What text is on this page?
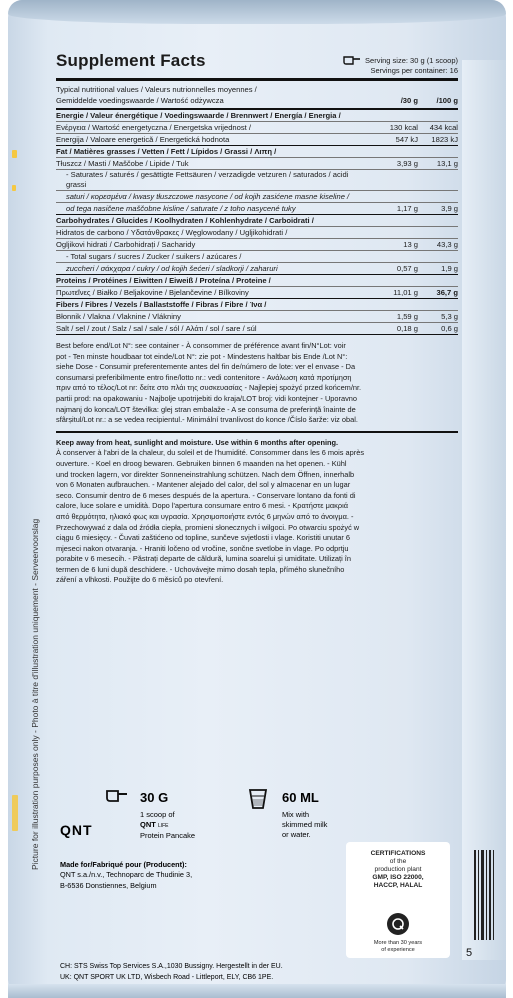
Picture for illustration purposes only - Photo à titre d'illustration uniquement - Serveervoorslag
Supplement Facts	Serving size: 30 g (1 scoop)
Servings per container: 16
Typical nutritional values / Valeurs nutrionnelles moyennes /
Gemiddelde voedingswaarde / Wartość odżywcza	/30 g	/100 g
Energie / Valeur énergétique / Voedingswaarde / Brennwert / Energía / Energia /
Ενέργεια / Wartość energetyczna / Energetska vrijednost /	130 kcal	434 kcal
Energija / Valoare energetică / Energetická hodnota	547 kJ	1823 kJ
Fat / Matières grasses / Vetten / Fett / Lípidos / Grassi / Λιπη /
Tłuszcz / Masti / Maščobe / Lipide / Tuk	3,93 g	13,1 g
- Saturates / saturés / gesättigte Fettsäuren / verzadigde vetzuren / saturados / acidi grassi
saturi / κορεσμένα / kwasy tłuszczowe nasycone / od kojih zasićene masne kiseline /
od tega nasičene maščobne kisline / saturate / z toho nasycené tuky	1,17 g	3,9 g
Carbohydrates / Glucides / Koolhydraten / Kohlenhydrate / Carboidrati /
Hidratos de carbono / Υδατάνθρακες / Węglowodany / Ugljikohidrati /
Ogljikovi hidrati / Carbohidrați / Sacharidy	13 g	43,3 g
- Total sugars / sucres / Zucker / suikers / azúcares /
zuccheri / σάκχαρα / cukry / od kojih šećeri / sladkorji / zaharuri	0,57 g	1,9 g
Proteins / Protéines / Eiwitten / Eiweiß / Proteína / Proteine /
Πρωτεΐνες / Białko / Beljakovine / Bjelančevine / Bílkoviny	11,01 g	36,7 g
Fibers / Fibres / Vezels / Ballaststoffe / Fibras / Fibre / Ίνα /
Błonnik / Vlakna / Vlaknine / Vlákniny	1,59 g	5,3 g
Salt / sel / zout / Salz / sal / sale / sól / Αλάτι / sol / sare / súl	0,18 g	0,6 g
Best before end/Lot N°: see container - À consommer de préférence avant fin/N°Lot: voir
pot - Ten minste houdbaar tot einde/Lot N°: zie pot - Mindestens haltbar bis Ende /Lot N°:
siehe Dose - Consumir preferentemente antes del fin de/número de lote: ver el envase - Da
consumarsi preferibilmente entro fine/lotto nr.: vedi contenitore - Ανάλωση κατά προτίμηση
πριν από το τέλος/Lot nr: δείτε στο πλάι της συσκευασίας - Najlepiej spożyć przed końcem/nr.
partii prod: na opakowaniu - Najbolje upotrijebiti do kraja/LOT broj: vidi kontejner - Uporavno
najmanj do konca/LOT številka: glej stran embalaže - A se consuma de preferință înainte de
sfârșitul/Lot nr.: a se vedea recipientul.- Minimální trvanlivost do konce /Číslo šarže: viz obal.
Keep away from heat, sunlight and moisture. Use within 6 months after opening.
À conserver à l'abri de la chaleur, du soleil et de l'humidité. Consommer dans les 6 mois après
ouverture. - Koel en droog bewaren. Gebruiken binnen 6 maanden na het openen. - Kühl
und trocken lagern, vor direkter Sonneneinstrahlung schützen. Nach dem Öffnen, innerhalb
von 6 Monaten aufbrauchen. - Mantener alejado del calor, del sol y almacenar en un lugar
seco. Consumir dentro de 6 meses después de la apertura. - Conservare lontano da fonti di
calore, luce solare e umidità. Dopo l'apertura consumare entro 6 mesi. - Κρατήστε μακριά
από θερμότητα, ηλιακό φως και υγρασία. Χρησιμοποιήστε εντός 6 μηνών από το άνοιγμα. -
Przechowywać z dala od źródła ciepła, promieni słonecznych i wilgoci. Po otwarciu spożyć w
ciągu 6 miesięcy. - Čuvati zaštićeno od topline, sunčeve svjetlosti i vlage. Koristiti unutar 6
mjeseci nakon otvaranja. - Hraniti ločeno od vročine, sončne svetlobe in vlage. Po odprtju
porabite v 6 mesecih. - Păstrați departe de căldură, lumina soarelui și umiditate. Utilizați în
termen de 6 luni după deschidere. - Uchovávejte mimo dosah tepla, přímého slunečního
záření a vlhkosti. Použijte do 6 měsíců po otevření.
30 G
1 scoop of
QNT LIFE
Protein Pancake
60 ML
Mix with
skimmed milk
or water.
QNT
Made for/Fabriqué pour (Producent):
QNT s.a./n.v., Technoparc de Thudinie 3,
B-6536 Donstiennes, Belgium
CERTIFICATIONS
of the
production plant
GMP, ISO 22000,
HACCP, HALAL
More than 30 years
of experience	5
CH: STS Swiss Top Services S.A.,1030 Bussigny. Hergestellt in der EU.
UK: QNT SPORT UK LTD, Wisbech Road - Littleport, ELY, CB6 1PE.
